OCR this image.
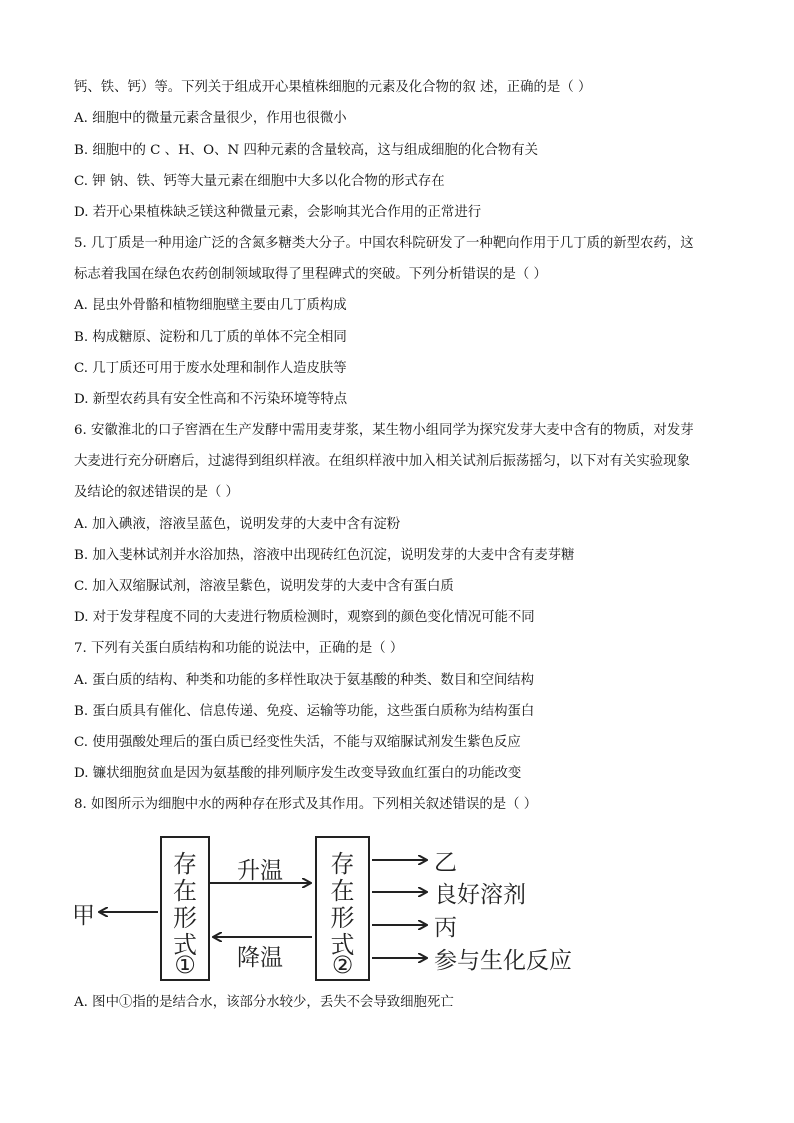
钙、铁、钙）等。下列关于组成开心果植株细胞的元素及化合物的叙 述，正确的是（ ）
A. 细胞中的微量元素含量很少，作用也很微小
B. 细胞中的 C 、H、O、N 四种元素的含量较高，这与组成细胞的化合物有关
C. 钾 钠、铁、钙等大量元素在细胞中大多以化合物的形式存在
D. 若开心果植株缺乏镁这种微量元素，会影响其光合作用的正常进行
5. 几丁质是一种用途广泛的含氮多糖类大分子。中国农科院研发了一种靶向作用于几丁质的新型农药，这
标志着我国在绿色农药创制领域取得了里程碑式的突破。下列分析错误的是（ ）
A. 昆虫外骨骼和植物细胞壁主要由几丁质构成
B. 构成糖原、淀粉和几丁质的单体不完全相同
C. 几丁质还可用于废水处理和制作人造皮肤等
D. 新型农药具有安全性高和不污染环境等特点
6. 安徽淮北的口子窖酒在生产发酵中需用麦芽浆，某生物小组同学为探究发芽大麦中含有的物质，对发芽
大麦进行充分研磨后，过滤得到组织样液。在组织样液中加入相关试剂后振荡摇匀，以下对有关实验现象
及结论的叙述错误的是（ ）
A. 加入碘液，溶液呈蓝色，说明发芽的大麦中含有淀粉
B. 加入斐林试剂并水浴加热，溶液中出现砖红色沉淀，说明发芽的大麦中含有麦芽糖
C. 加入双缩脲试剂，溶液呈紫色，说明发芽的大麦中含有蛋白质
D. 对于发芽程度不同的大麦进行物质检测时，观察到的颜色变化情况可能不同
7. 下列有关蛋白质结构和功能的说法中，正确的是（ ）
A. 蛋白质的结构、种类和功能的多样性取决于氨基酸的种类、数目和空间结构
B. 蛋白质具有催化、信息传递、免疫、运输等功能，这些蛋白质称为结构蛋白
C. 使用强酸处理后的蛋白质已经变性失活，不能与双缩脲试剂发生紫色反应
D. 镰状细胞贫血是因为氨基酸的排列顺序发生改变导致血红蛋白的功能改变
8. 如图所示为细胞中水的两种存在形式及其作用。下列相关叙述错误的是（ ）
存
在
形
式
①
存
在
形
式
②
升温
降温
甲
乙
良好溶剂
丙
参与生化反应
A. 图中①指的是结合水，该部分水较少，丢失不会导致细胞死亡
